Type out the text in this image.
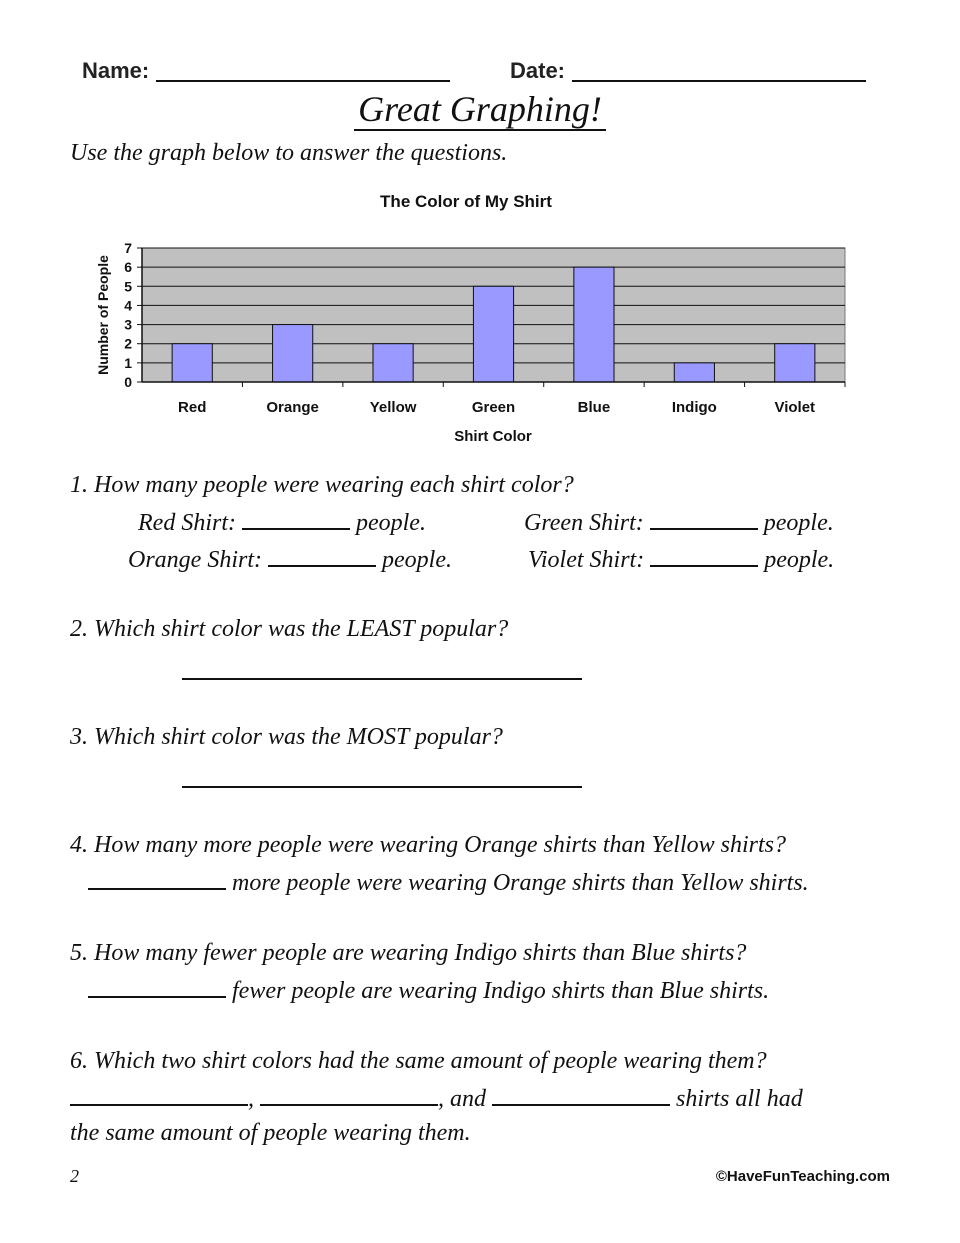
Name:	Date:
Great Graphing!
Use the graph below to answer the questions.
The Color of My Shirt
0
1
2
3
4
5
6
7
Red	Orange	Yellow	Green	Blue	Indigo	Violet
Number of People
Shirt Color
1. How many people were wearing each shirt color?
Red Shirt:	people.	Green Shirt:	people.
Orange Shirt:	people.	Violet Shirt:	people.
2. Which shirt color was the LEAST popular?
3. Which shirt color was the MOST popular?
4. How many more people were wearing Orange shirts than Yellow shirts?
more people were wearing Orange shirts than Yellow shirts.
5. How many fewer people are wearing Indigo shirts than Blue shirts?
fewer people are wearing Indigo shirts than Blue shirts.
6. Which two shirt colors had the same amount of people wearing them?
,	, and	shirts all had
the same amount of people wearing them.
2	©HaveFunTeaching.com
